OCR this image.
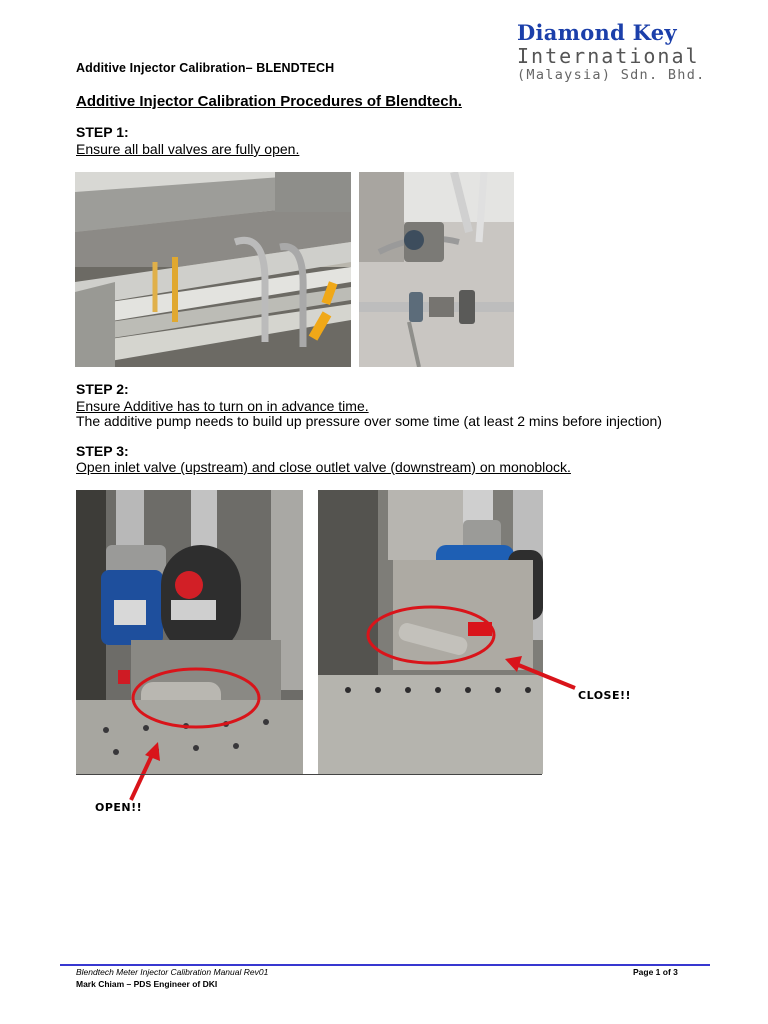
Additive Injector Calibration– BLENDTECH
Diamond Key
International
(Malaysia) Sdn. Bhd.
Additive Injector Calibration Procedures of Blendtech.
STEP 1:
Ensure all ball valves are fully open.
STEP 2:
Ensure Additive has to turn on in advance time.
The additive pump needs to build up pressure over some time (at least 2 mins before injection)
STEP 3:
Open inlet valve (upstream) and close outlet valve (downstream) on monoblock.
CLOSE!!
OPEN!!
Blendtech Meter Injector Calibration Manual Rev01
Mark Chiam – PDS Engineer of DKI
Page 1 of 3
